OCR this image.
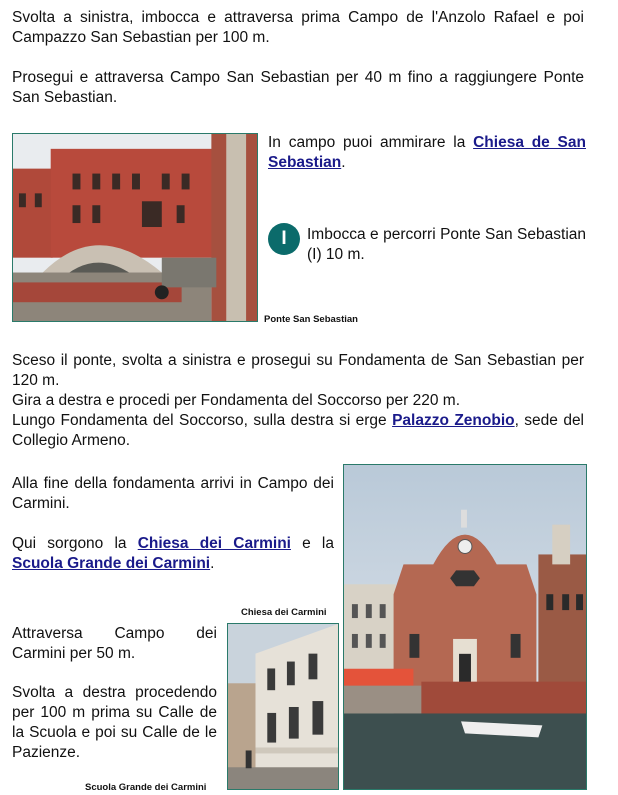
Svolta a sinistra, imbocca e attraversa prima Campo de l'Anzolo Rafael e poi Campazzo San Sebastian per 100 m.

Prosegui e attraversa Campo San Sebastian per 40 m fino a raggiungere Ponte San Sebastian.

In campo puoi ammirare la Chiesa de San Sebastian.

I	Imbocca e percorri Ponte San Sebastian (I) 10 m.

Ponte San Sebastian

Sceso il ponte, svolta a sinistra e prosegui su Fondamenta de San Sebastian per 120 m.

Gira a destra e procedi per Fondamenta del Soccorso per 220 m.

Lungo Fondamenta del Soccorso, sulla destra si erge Palazzo Zenobio, sede del Collegio Armeno.

Alla fine della fondamenta arrivi in Campo dei Carmini.

Qui sorgono la Chiesa dei Carmini e la Scuola Grande dei Carmini.

Chiesa dei Carmini

Attraversa Campo dei Carmini per 50 m.

Svolta a destra procedendo per 100 m prima su Calle de la Scuola e poi su Calle de le Pazienze.

Scuola Grande dei Carmini
